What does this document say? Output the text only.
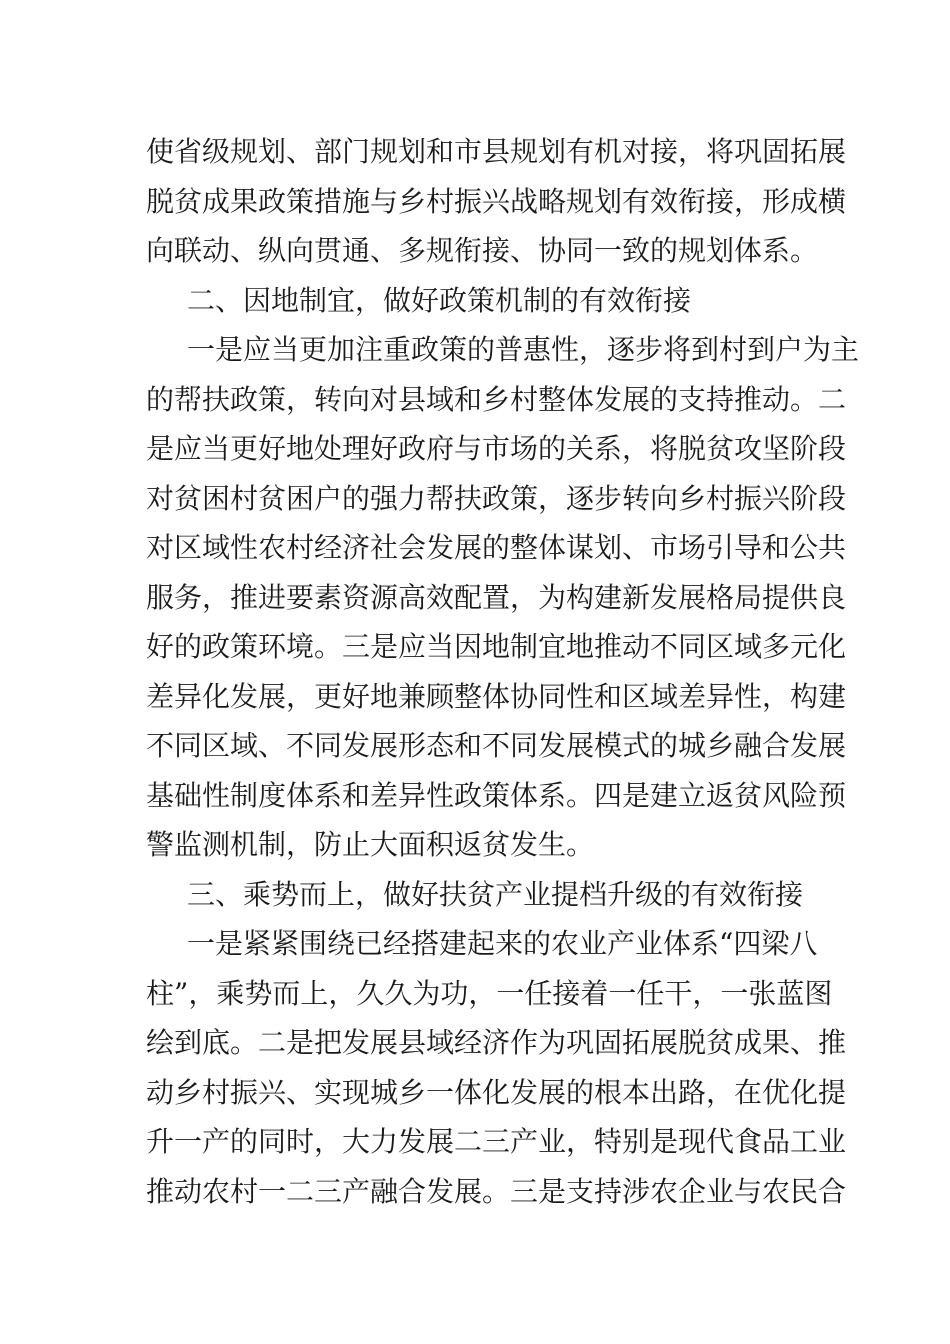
使省级规划、部门规划和市县规划有机对接，将巩固拓展
脱贫成果政策措施与乡村振兴战略规划有效衔接，形成横
向联动、纵向贯通、多规衔接、协同一致的规划体系。
二、因地制宜，做好政策机制的有效衔接
一是应当更加注重政策的普惠性，逐步将到村到户为主
的帮扶政策，转向对县域和乡村整体发展的支持推动。二
是应当更好地处理好政府与市场的关系，将脱贫攻坚阶段
对贫困村贫困户的强力帮扶政策，逐步转向乡村振兴阶段
对区域性农村经济社会发展的整体谋划、市场引导和公共
服务，推进要素资源高效配置，为构建新发展格局提供良
好的政策环境。三是应当因地制宜地推动不同区域多元化
差异化发展，更好地兼顾整体协同性和区域差异性，构建
不同区域、不同发展形态和不同发展模式的城乡融合发展
基础性制度体系和差异性政策体系。四是建立返贫风险预
警监测机制，防止大面积返贫发生。
三、乘势而上，做好扶贫产业提档升级的有效衔接
一是紧紧围绕已经搭建起来的农业产业体系“四梁八
柱”，乘势而上，久久为功，一任接着一任干，一张蓝图
绘到底。二是把发展县域经济作为巩固拓展脱贫成果、推
动乡村振兴、实现城乡一体化发展的根本出路，在优化提
升一产的同时，大力发展二三产业，特别是现代食品工业
推动农村一二三产融合发展。三是支持涉农企业与农民合
